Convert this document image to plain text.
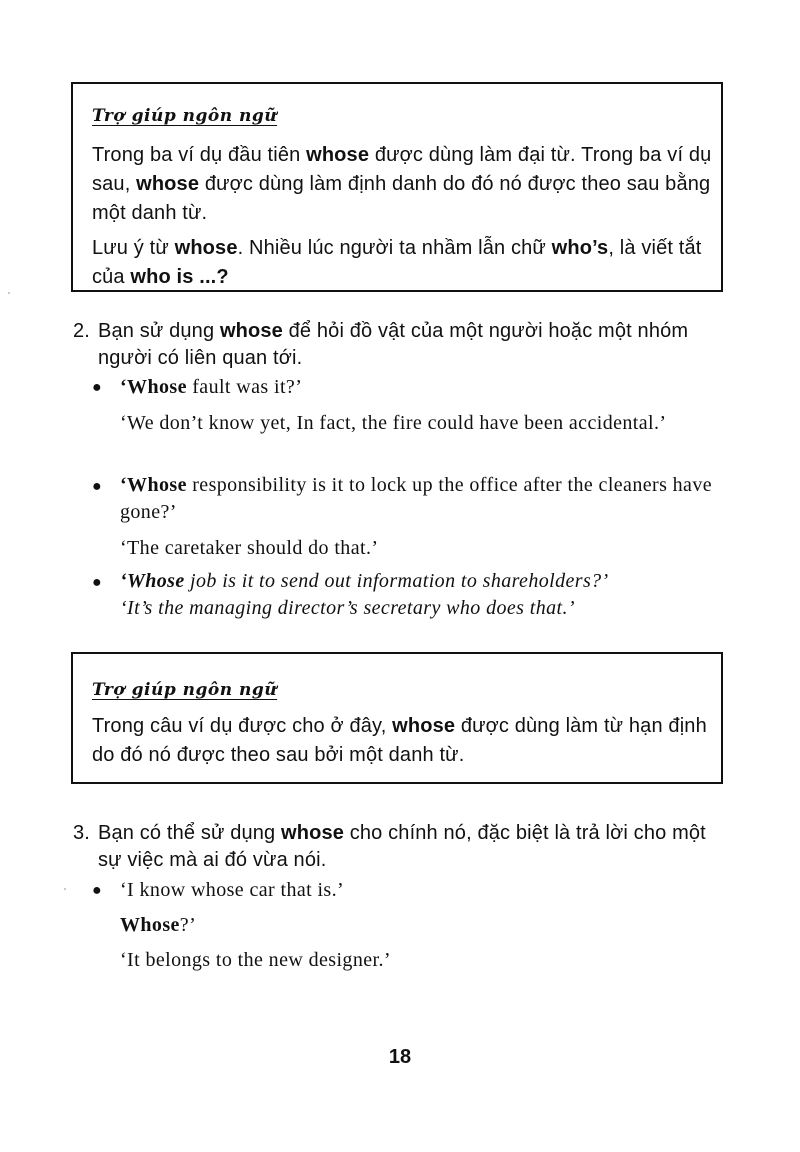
Trợ giúp ngôn ngữ

Trong ba ví dụ đầu tiên whose được dùng làm đại từ. Trong ba ví dụ sau, whose được dùng làm định danh do đó nó được theo sau bằng một danh từ.

Lưu ý từ whose. Nhiều lúc người ta nhầm lẫn chữ who’s, là viết tắt của who is ...?

2. Bạn sử dụng whose để hỏi đồ vật của một người hoặc một nhóm người có liên quan tới.
● ‘Whose fault was it?’

‘We don’t know yet, In fact, the fire could have been accidental.’

● ‘Whose responsibility is it to lock up the office after the cleaners have gone?’

‘The caretaker should do that.’

● ‘Whose job is it to send out information to shareholders?’

‘It’s the managing director’s secretary who does that.’

Trợ giúp ngôn ngữ

Trong câu ví dụ được cho ở đây, whose được dùng làm từ hạn định do đó nó được theo sau bởi một danh từ.

3. Bạn có thể sử dụng whose cho chính nó, đặc biệt là trả lời cho một sự việc mà ai đó vừa nói.
● ‘I know whose car that is.’

Whose?’

‘It belongs to the new designer.’

18
